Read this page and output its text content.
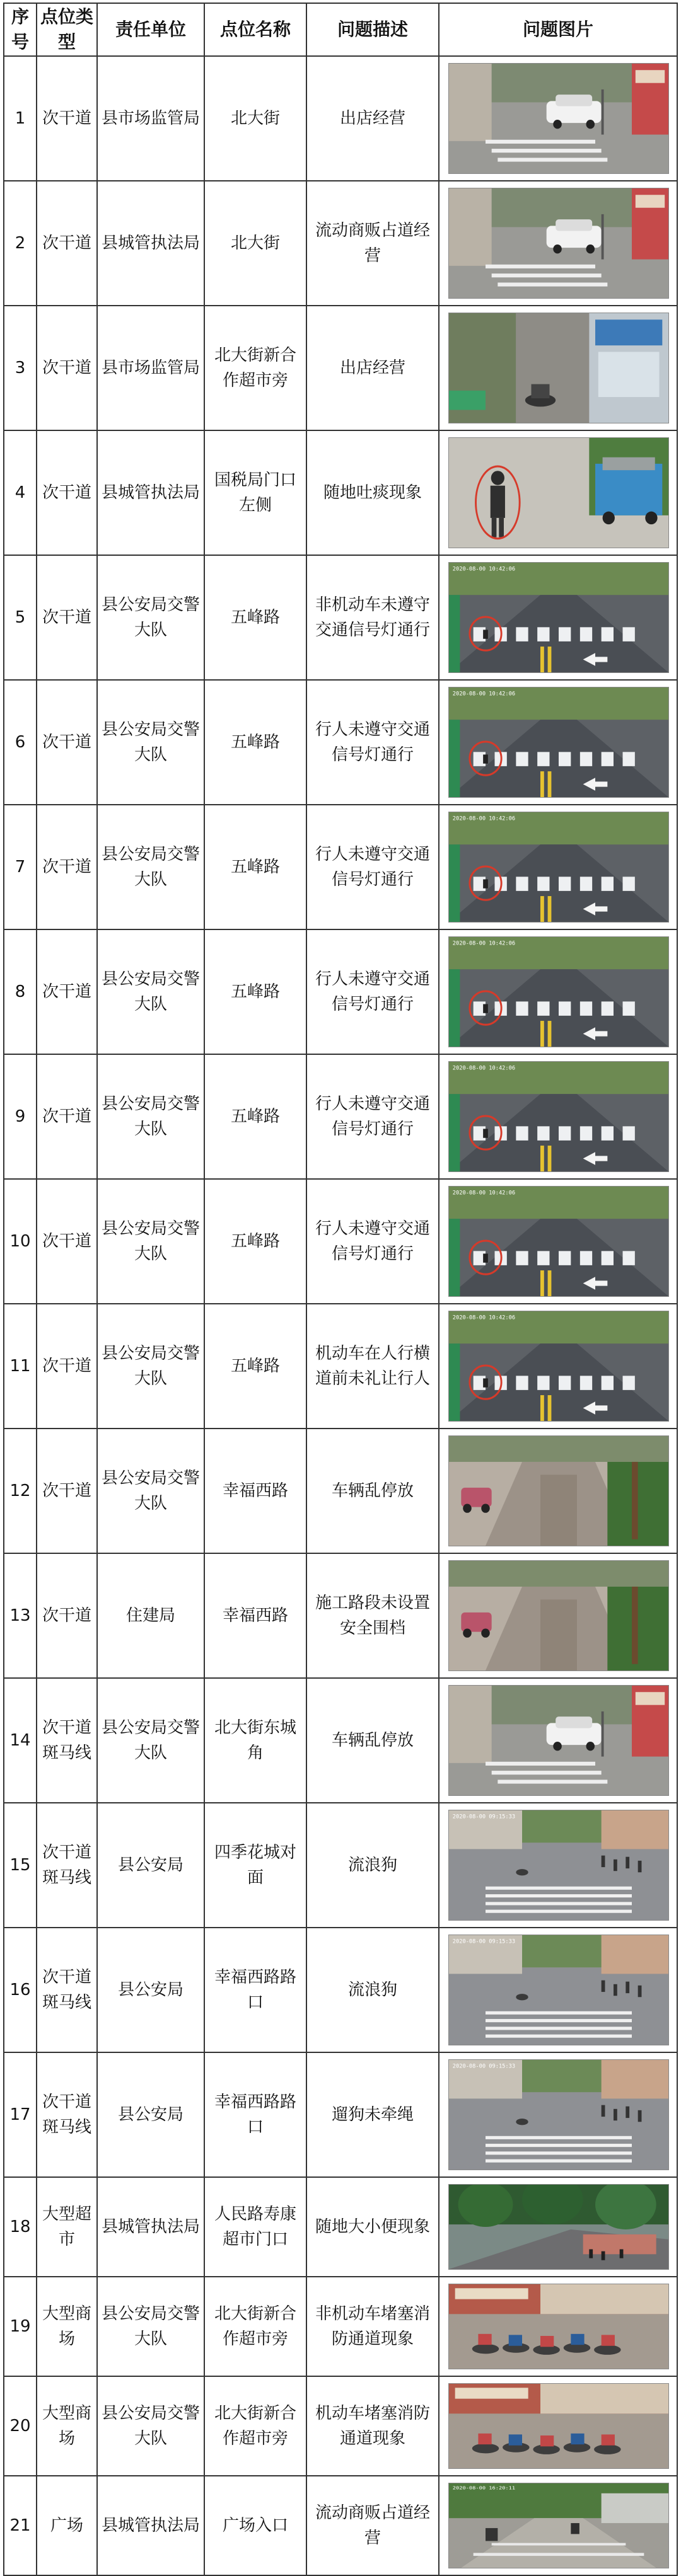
序号	点位类型	责任单位	点位名称	问题描述	问题图片
1	次干道	县市场监管局	北大街	出店经营	

2	次干道	县城管执法局	北大街	流动商贩占道经营	

3	次干道	县市场监管局	北大街新合作超市旁	出店经营	

4	次干道	县城管执法局	国税局门口左侧	随地吐痰现象	

5	次干道	县公安局交警大队	五峰路	非机动车未遵守交通信号灯通行	2020-08-00 10:42:06

6	次干道	县公安局交警大队	五峰路	行人未遵守交通信号灯通行	2020-08-00 10:42:06

7	次干道	县公安局交警大队	五峰路	行人未遵守交通信号灯通行	2020-08-00 10:42:06

8	次干道	县公安局交警大队	五峰路	行人未遵守交通信号灯通行	2020-08-00 10:42:06

9	次干道	县公安局交警大队	五峰路	行人未遵守交通信号灯通行	2020-08-00 10:42:06

10	次干道	县公安局交警大队	五峰路	行人未遵守交通信号灯通行	2020-08-00 10:42:06

11	次干道	县公安局交警大队	五峰路	机动车在人行横道前未礼让行人	2020-08-00 10:42:06

12	次干道	县公安局交警大队	幸福西路	车辆乱停放	

13	次干道	住建局	幸福西路	施工路段未设置安全围档	

14	次干道斑马线	县公安局交警大队	北大街东城角	车辆乱停放	

15	次干道斑马线	县公安局	四季花城对面	流浪狗	2020-08-00 09:15:33

16	次干道斑马线	县公安局	幸福西路路口	流浪狗	2020-08-00 09:15:33

17	次干道斑马线	县公安局	幸福西路路口	遛狗未牵绳	2020-08-00 09:15:33

18	大型超市	县城管执法局	人民路寿康超市门口	随地大小便现象	

19	大型商场	县公安局交警大队	北大街新合作超市旁	非机动车堵塞消防通道现象	

20	大型商场	县公安局交警大队	北大街新合作超市旁	机动车堵塞消防通道现象	

21	广场	县城管执法局	广场入口	流动商贩占道经营	2020-08-00 16:20:11
